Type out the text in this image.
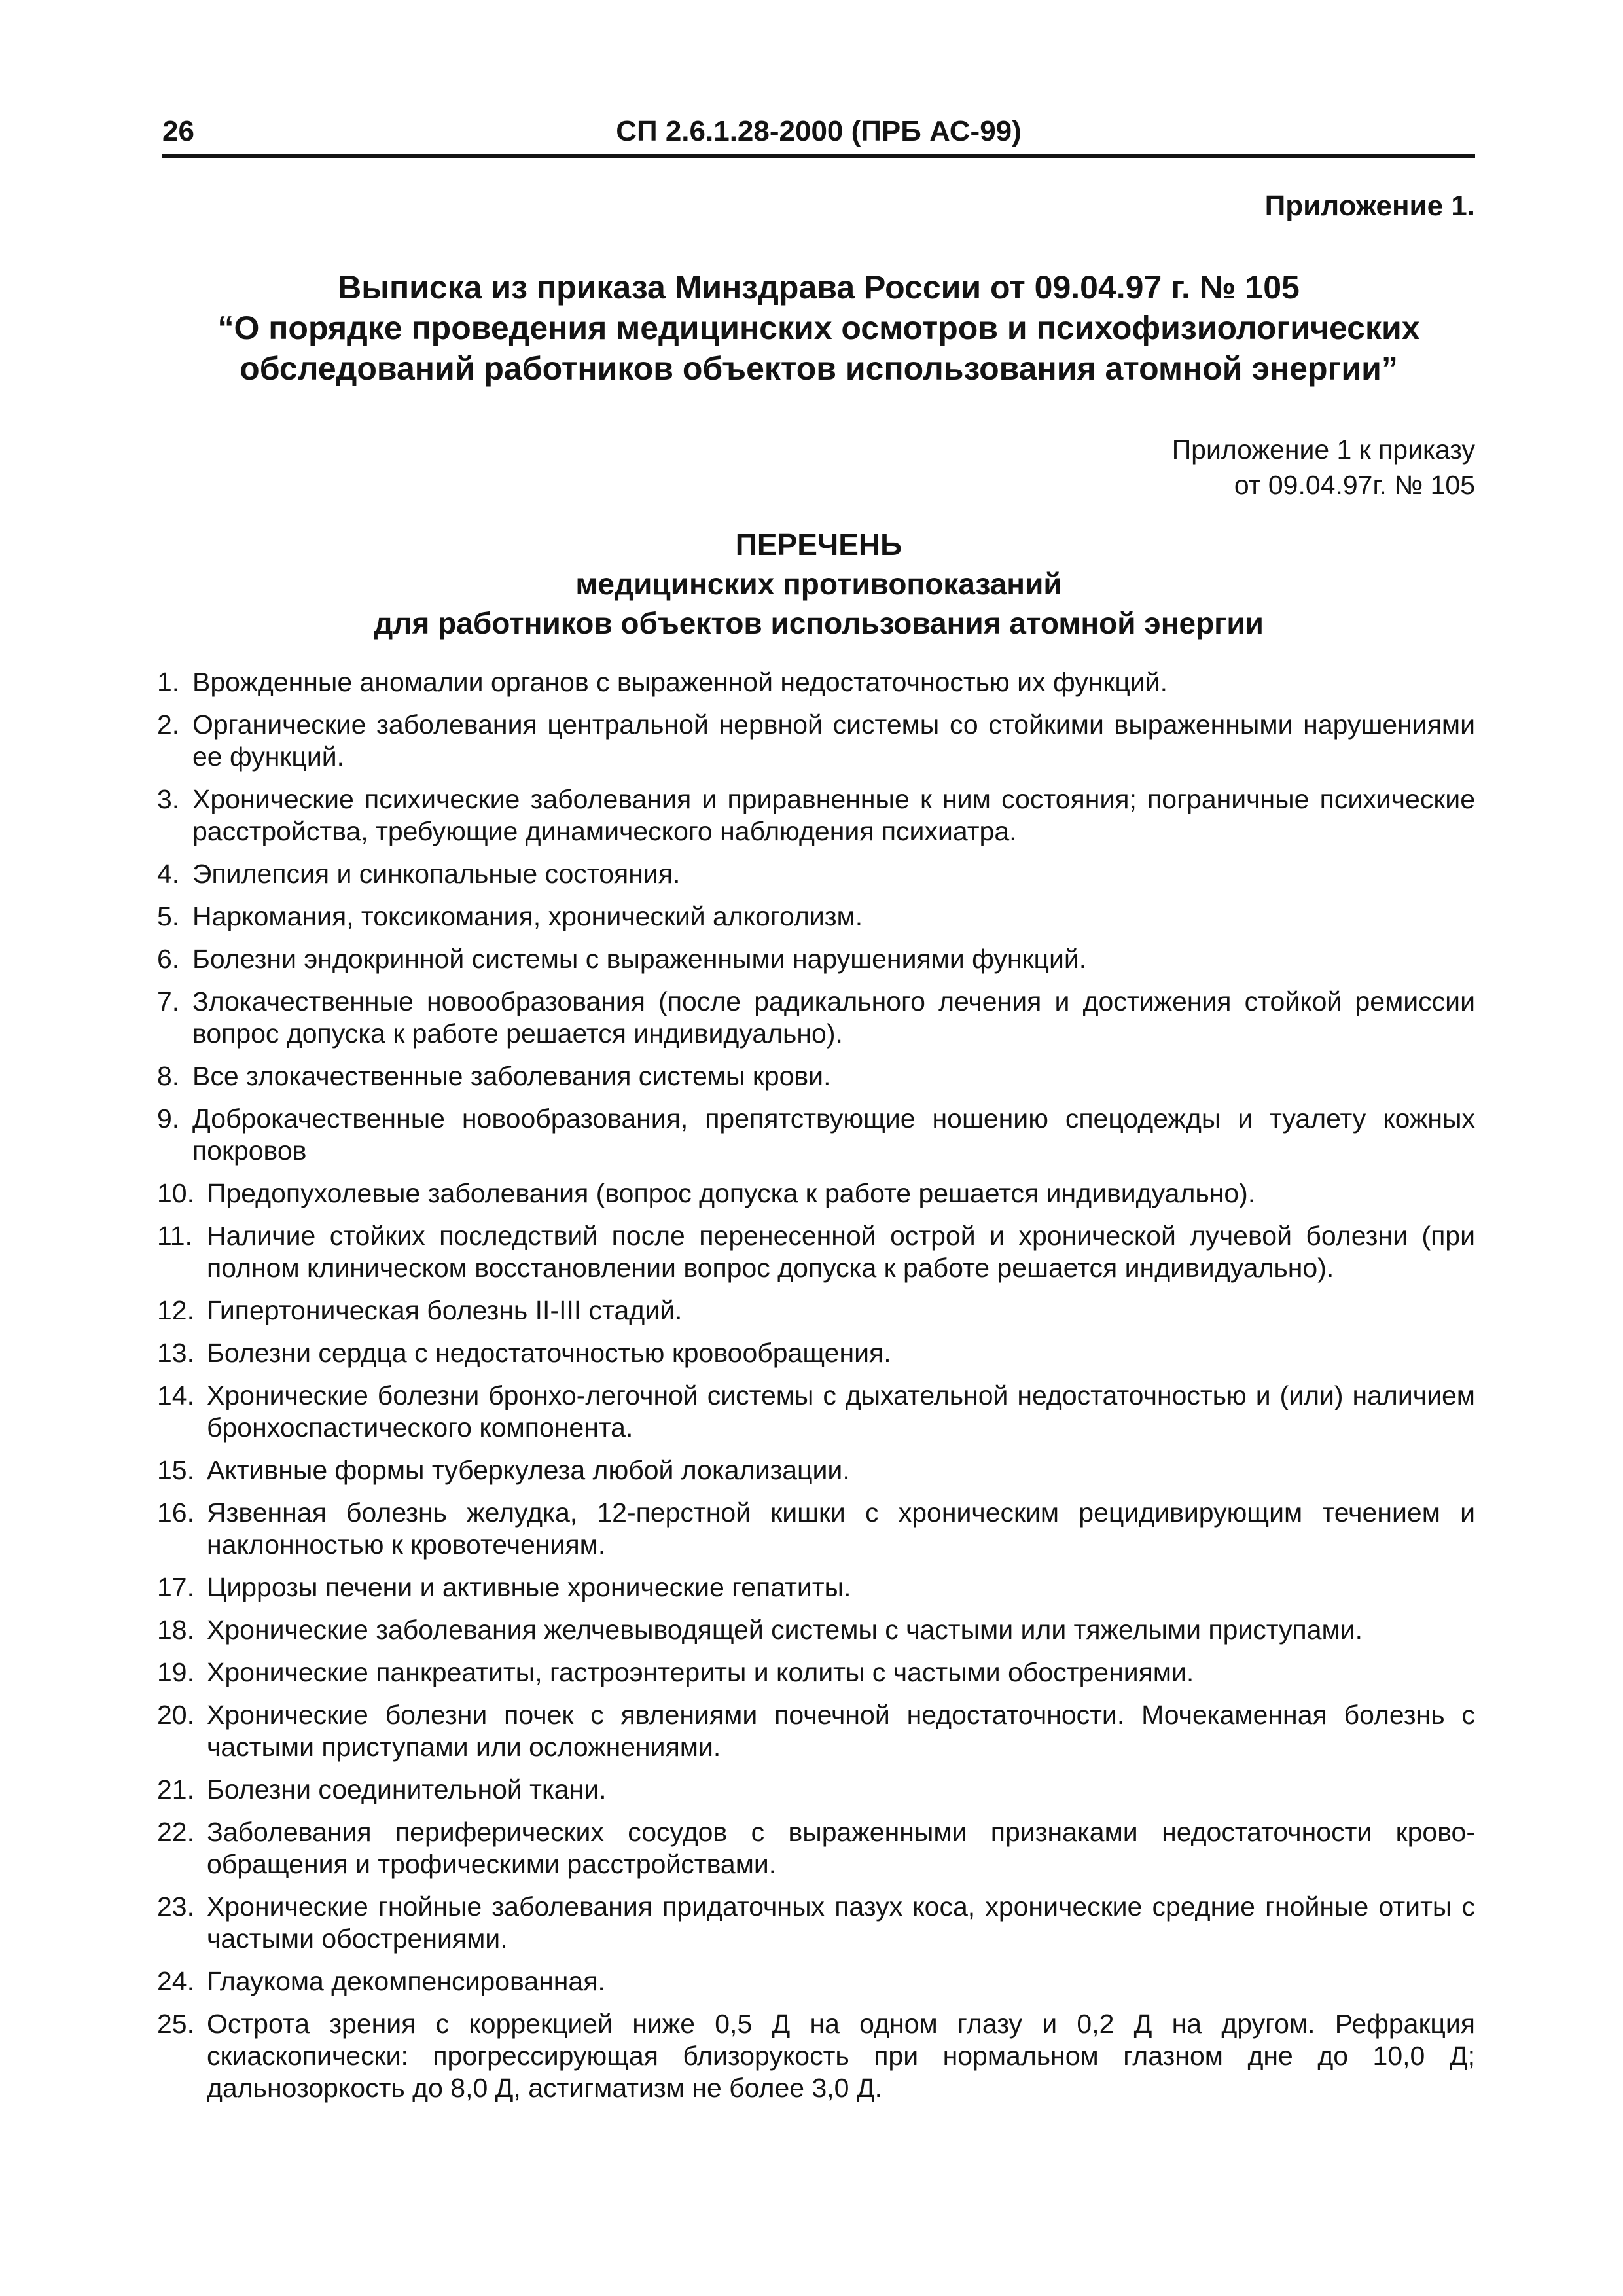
26	СП 2.6.1.28-2000 (ПРБ АС-99)
Приложение 1.
Выписка из приказа Минздрава России от 09.04.97 г. № 105
“О порядке проведения медицинских осмотров и психофизиологических
обследований работников объектов использования атомной энергии”
Приложение 1 к приказу
от 09.04.97г. № 105
ПЕРЕЧЕНЬ
медицинских противопоказаний
для работников объектов использования атомной энергии
1. Врожденные аномалии органов с выраженной недостаточностью их функций.
2. Органические заболевания центральной нервной системы со стойкими выраженными нарушениями ее функций.
3. Хронические психические заболевания и приравненные к ним состояния; пограничные психические расстройства, требующие динамического наблюдения психиатра.
4. Эпилепсия и синкопальные состояния.
5. Наркомания, токсикомания, хронический алкоголизм.
6. Болезни эндокринной системы с выраженными нарушениями функций.
7. Злокачественные новообразования (после радикального лечения и достижения стойкой ремиссии вопрос допуска к работе решается индивидуально).
8. Все злокачественные заболевания системы крови.
9. Доброкачественные новообразования, препятствующие ношению спецодежды и туалету кожных покровов
10. Предопухолевые заболевания (вопрос допуска к работе решается индивидуально).
11. Наличие стойких последствий после перенесенной острой и хронической лучевой болезни (при полном клиническом восстановлении вопрос допуска к работе решается индивидуально).
12. Гипертоническая болезнь II-III стадий.
13. Болезни сердца с недостаточностью кровообращения.
14. Хронические болезни бронхо-легочной системы с дыхательной недостаточностью и (или) наличием бронхоспастического компонента.
15. Активные формы туберкулеза любой локализации.
16. Язвенная болезнь желудка, 12-перстной кишки с хроническим рецидивирующим течением и наклонностью к кровотечениям.
17. Циррозы печени и активные хронические гепатиты.
18. Хронические заболевания желчевыводящей системы с частыми или тяжелыми приступами.
19. Хронические панкреатиты, гастроэнтериты и колиты с частыми обострениями.
20. Хронические болезни почек с явлениями почечной недостаточности. Мочекаменная болезнь с частыми приступами или осложнениями.
21. Болезни соединительной ткани.
22. Заболевания периферических сосудов с выраженными признаками недостаточности крово-обращения и трофическими расстройствами.
23. Хронические гнойные заболевания придаточных пазух коса, хронические средние гнойные отиты с частыми обострениями.
24. Глаукома декомпенсированная.
25. Острота зрения с коррекцией ниже 0,5 Д на одном глазу и 0,2 Д на другом. Рефракция скиаскопически: прогрессирующая близорукость при нормальном глазном дне до 10,0 Д; дальнозоркость до 8,0 Д, астигматизм не более 3,0 Д.
